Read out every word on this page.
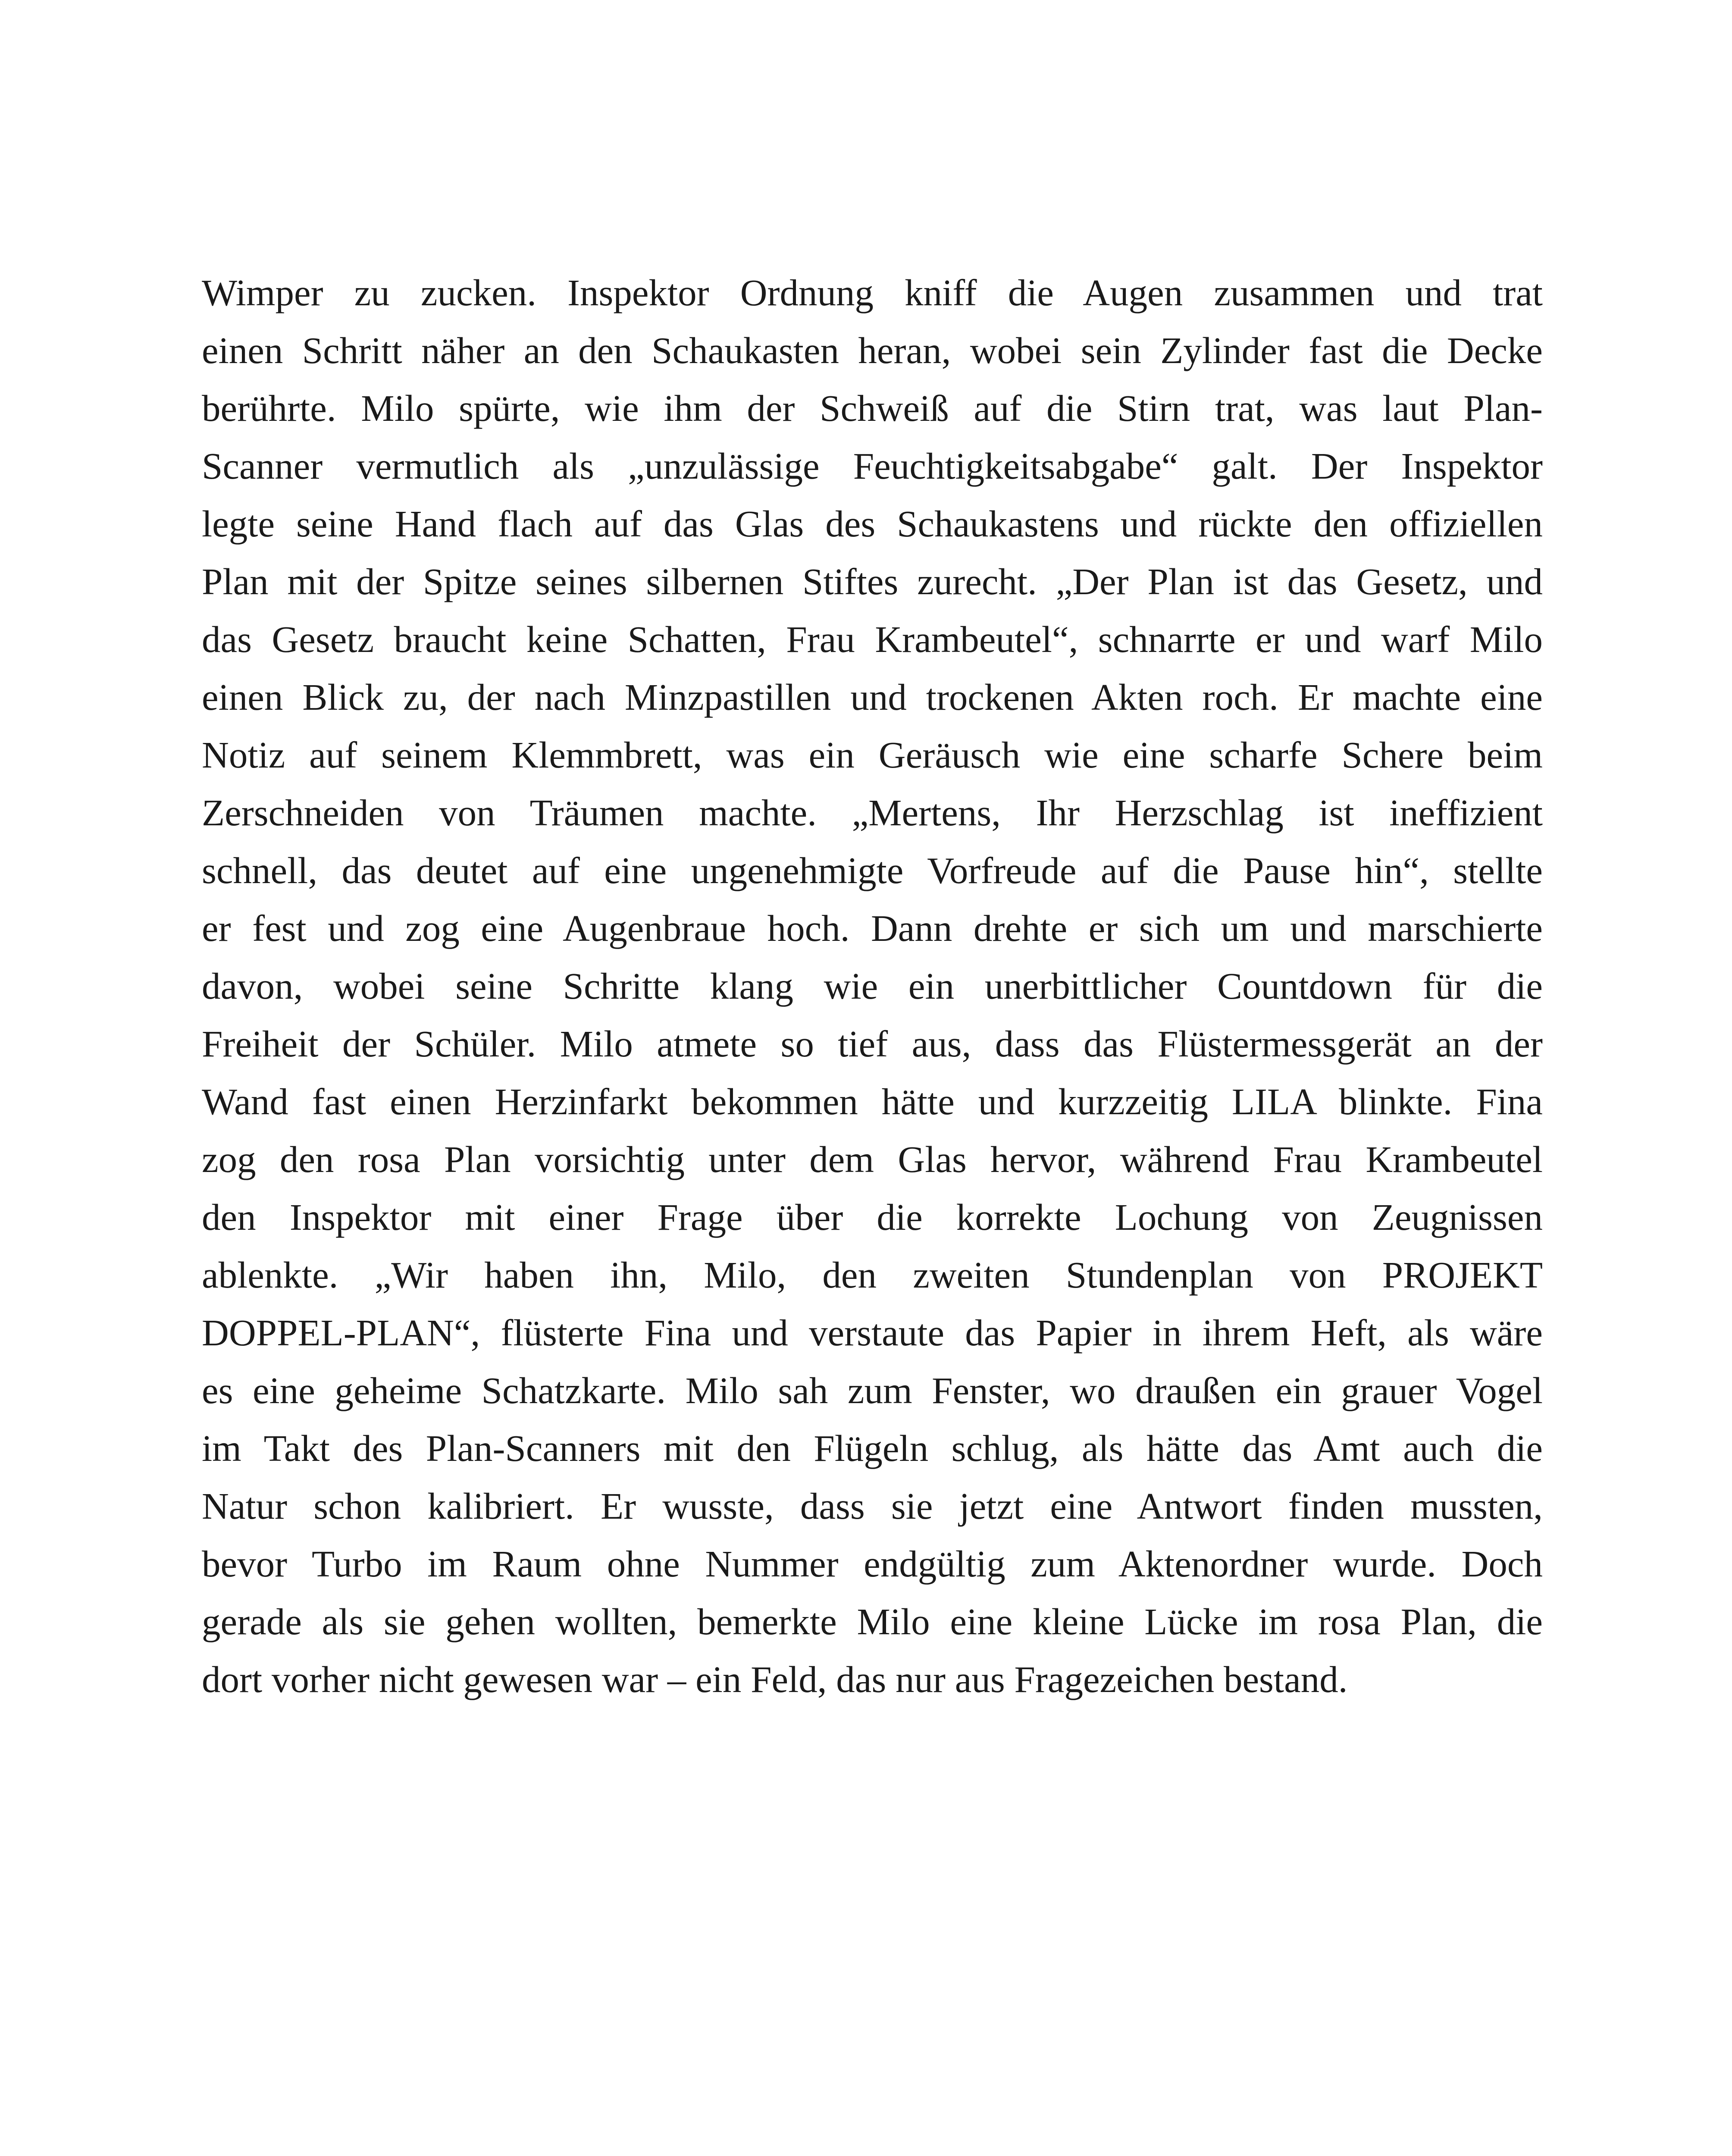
Wimper zu zucken. Inspektor Ordnung kniff die Augen zusammen und trat
einen Schritt näher an den Schaukasten heran, wobei sein Zylinder fast die Decke
berührte. Milo spürte, wie ihm der Schweiß auf die Stirn trat, was laut Plan-
Scanner vermutlich als „unzulässige Feuchtigkeitsabgabe“ galt. Der Inspektor
legte seine Hand flach auf das Glas des Schaukastens und rückte den offiziellen
Plan mit der Spitze seines silbernen Stiftes zurecht. „Der Plan ist das Gesetz, und
das Gesetz braucht keine Schatten, Frau Krambeutel“, schnarrte er und warf Milo
einen Blick zu, der nach Minzpastillen und trockenen Akten roch. Er machte eine
Notiz auf seinem Klemmbrett, was ein Geräusch wie eine scharfe Schere beim
Zerschneiden von Träumen machte. „Mertens, Ihr Herzschlag ist ineffizient
schnell, das deutet auf eine ungenehmigte Vorfreude auf die Pause hin“, stellte
er fest und zog eine Augenbraue hoch. Dann drehte er sich um und marschierte
davon, wobei seine Schritte klang wie ein unerbittlicher Countdown für die
Freiheit der Schüler. Milo atmete so tief aus, dass das Flüstermessgerät an der
Wand fast einen Herzinfarkt bekommen hätte und kurzzeitig LILA blinkte. Fina
zog den rosa Plan vorsichtig unter dem Glas hervor, während Frau Krambeutel
den Inspektor mit einer Frage über die korrekte Lochung von Zeugnissen
ablenkte. „Wir haben ihn, Milo, den zweiten Stundenplan von PROJEKT
DOPPEL-PLAN“, flüsterte Fina und verstaute das Papier in ihrem Heft, als wäre
es eine geheime Schatzkarte. Milo sah zum Fenster, wo draußen ein grauer Vogel
im Takt des Plan-Scanners mit den Flügeln schlug, als hätte das Amt auch die
Natur schon kalibriert. Er wusste, dass sie jetzt eine Antwort finden mussten,
bevor Turbo im Raum ohne Nummer endgültig zum Aktenordner wurde. Doch
gerade als sie gehen wollten, bemerkte Milo eine kleine Lücke im rosa Plan, die
dort vorher nicht gewesen war – ein Feld, das nur aus Fragezeichen bestand.
